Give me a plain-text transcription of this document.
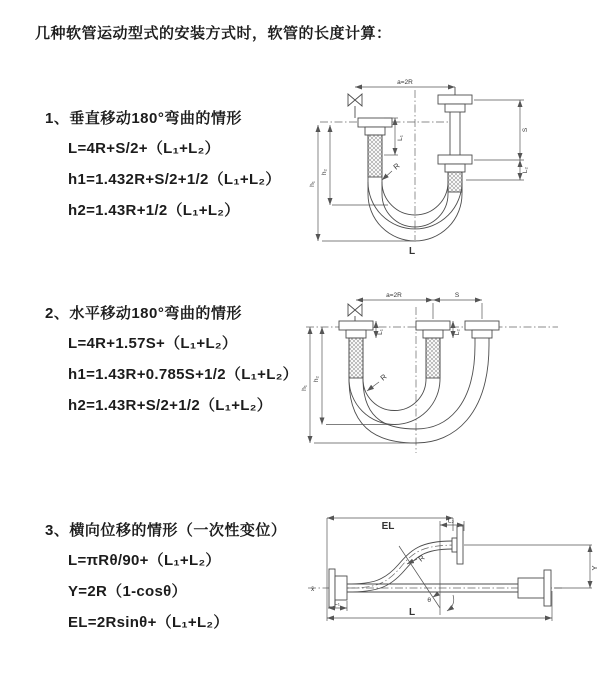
几种软管运动型式的安装方式时，软管的长度计算：
1、垂直移动180°弯曲的情形
L=4R+S/2+（L₁+L₂）
h1=1.432R+S/2+1/2（L₁+L₂）
h2=1.43R+1/2（L₁+L₂）
a=2R
S
L₂
L₁
h₁
h₂
R
L
2、水平移动180°弯曲的情形
L=4R+1.57S+（L₁+L₂）
h1=1.43R+0.785S+1/2（L₁+L₂）
h2=1.43R+S/2+1/2（L₁+L₂）
a=2R	S
h₁
h₂
L₁	L₂
R
3、横向位移的情形（一次性变位）
L=πRθ/90+（L₁+L₂）
Y=2R（1-cosθ）
EL=2Rsinθ+（L₁+L₂）
θ
EL	L₂
Y
L
L₁
R
x̄
